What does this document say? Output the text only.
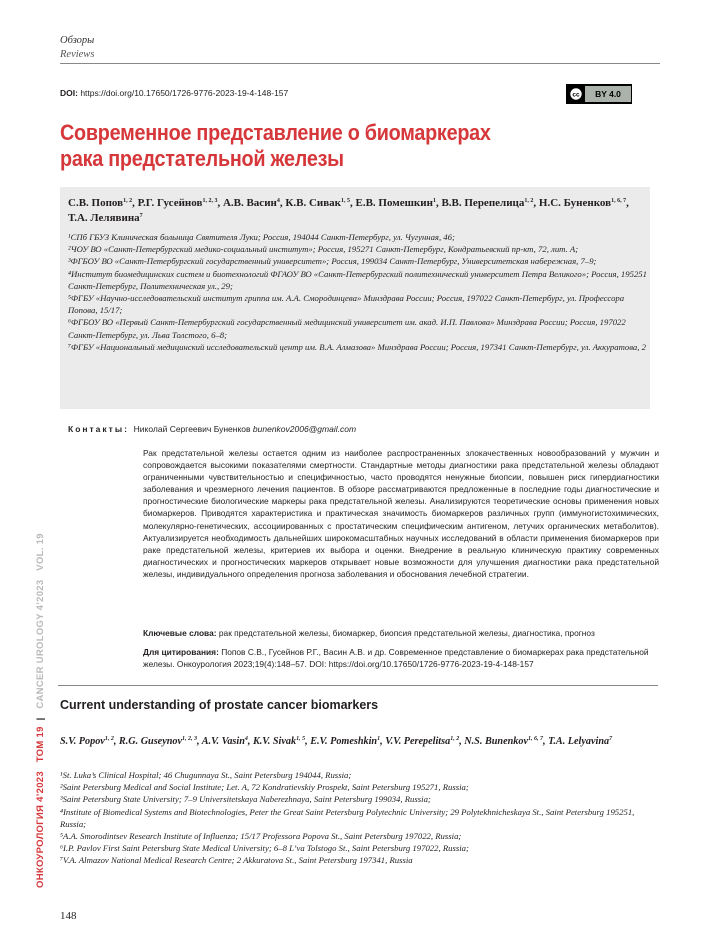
Обзоры
Reviews
DOI: https://doi.org/10.17650/1726-9776-2023-19-4-148-157	cc	BY 4.0
Современное представление о биомаркерах
рака предстательной железы
С.В. Попов$^{1, 2}$, Р.Г. Гусейнов$^{1, 2, 3}$, А.В. Васин$^4$, К.В. Сивак$^{1, 5}$, Е.В. Помешкин$^1$, В.В. Перепелица$^{1, 2}$, Н.С. Буненков$^{1, 6, 7}$, Т.А. Лелявина$^7$

¹СПб ГБУЗ Клиническая больница Святителя Луки; Россия, 194044 Санкт-Петербург, ул. Чугунная, 46;

²ЧОУ ВО «Санкт-Петербургский медико-социальный институт»; Россия, 195271 Санкт-Петербург, Кондратьевский пр-кт, 72, лит. А;

³ФГБОУ ВО «Санкт-Петербургский государственный университет»; Россия, 199034 Санкт-Петербург, Университетская набережная, 7–9;

⁴Институт биомедицинских систем и биотехнологий ФГАОУ ВО «Санкт-Петербургский политехнический университет Петра Великого»; Россия, 195251 Санкт-Петербург, Политехническая ул., 29;

⁵ФГБУ «Научно-исследовательский институт гриппа им. А.А. Смородинцева» Минздрава России; Россия, 197022 Санкт-Петербург, ул. Профессора Попова, 15/17;

⁶ФГБОУ ВО «Первый Санкт-Петербургский государственный медицинский университет им. акад. И.П. Павлова» Минздрава России; Россия, 197022 Санкт-Петербург, ул. Льва Толстого, 6–8;

⁷ФГБУ «Национальный медицинский исследовательский центр им. В.А. Алмазова» Минздрава России; Россия, 197341 Санкт-Петербург, ул. Аккуратова, 2

Контакты: Николай Сергеевич Буненков bunenkov2006@gmail.com
Рак предстательной железы остается одним из наиболее распространенных злокачественных новообразований у мужчин и сопровождается высокими показателями смертности. Стандартные методы диагностики рака предстательной железы обладают ограниченными чувствительностью и специфичностью, часто проводятся ненужные биопсии, повышен риск гипердиагностики заболевания и чрезмерного лечения пациентов. В обзоре рассматриваются предложенные в последние годы диагностические и прогностические биологические маркеры рака предстательной железы. Анализируются теоретические основы применения новых биомаркеров. Приводятся характеристика и практическая значимость биомаркеров различных групп (иммуногистохимических, молекулярно-генетических, ассоциированных с простатическим специфическим антигеном, летучих органических метаболитов). Актуализируется необходимость дальнейших широкомасштабных научных исследований в области применения биомаркеров при раке предстательной железы, критериев их выбора и оценки. Внедрение в реальную клиническую практику современных диагностических и прогностических маркеров открывает новые возможности для улучшения диагностики рака предстательной железы, индивидуального определения прогноза заболевания и обоснования лечебной стратегии.
Ключевые слова: рак предстательной железы, биомаркер, биопсия предстательной железы, диагностика, прогноз
Для цитирования: Попов С.В., Гусейнов Р.Г., Васин А.В. и др. Современное представление о биомаркерах рака предстательной железы. Онкоурология 2023;19(4):148–57. DOI: https://doi.org/10.17650/1726-9776-2023-19-4-148-157
Current understanding of prostate cancer biomarkers
S.V. Popov$^{1, 2}$, R.G. Guseynov$^{1, 2, 3}$, A.V. Vasin$^4$, K.V. Sivak$^{1, 5}$, E.V. Pomeshkin$^1$, V.V. Perepelitsa$^{1, 2}$, N.S. Bunenkov$^{1, 6, 7}$, T.A. Lelyavina$^7$

¹St. Luka’s Clinical Hospital; 46 Chugunnaya St., Saint Petersburg 194044, Russia;

²Saint Petersburg Medical and Social Institute; Let. A, 72 Kondratievskiy Prospekt, Saint Petersburg 195271, Russia;

³Saint Petersburg State University; 7–9 Universitetskaya Naberezhnaya, Saint Petersburg 199034, Russia;

⁴Institute of Biomedical Systems and Biotechnologies, Peter the Great Saint Petersburg Polytechnic University; 29 Polytekhnicheskaya St., Saint Petersburg 195251, Russia;

⁵A.A. Smorodintsev Research Institute of Influenza; 15/17 Professora Popova St., Saint Petersburg 197022, Russia;

⁶I.P. Pavlov First Saint Petersburg State Medical University; 6–8 L’va Tolstogo St., Saint Petersburg 197022, Russia;

⁷V.A. Almazov National Medical Research Centre; 2 Akkuratova St., Saint Petersburg 197341, Russia

148
ОНКОУРОЛОГИЯ 4’2023   ТОМ 19  |   CANCER UROLOGY 4’2023   VOL. 19
